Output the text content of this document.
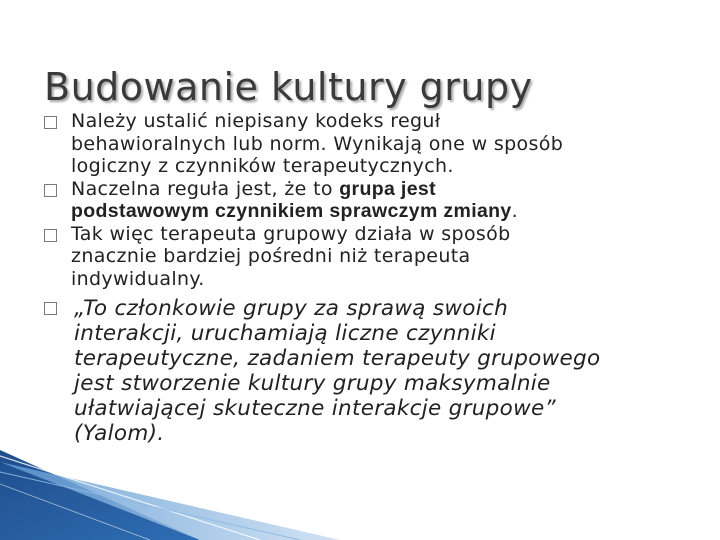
Budowanie kultury grupy
Należy ustalić niepisany kodeks reguł
behawioralnych lub norm. Wynikają one w sposób
logiczny z czynników terapeutycznych.
Naczelna reguła jest, że to grupa jest
podstawowym czynnikiem sprawczym zmiany.
Tak więc terapeuta grupowy działa w sposób
znacznie bardziej pośredni niż terapeuta
indywidualny.
„To członkowie grupy za sprawą swoich
interakcji, uruchamiają liczne czynniki
terapeutyczne, zadaniem terapeuty grupowego
jest stworzenie kultury grupy maksymalnie
ułatwiającej skuteczne interakcje grupowe”
(Yalom).
